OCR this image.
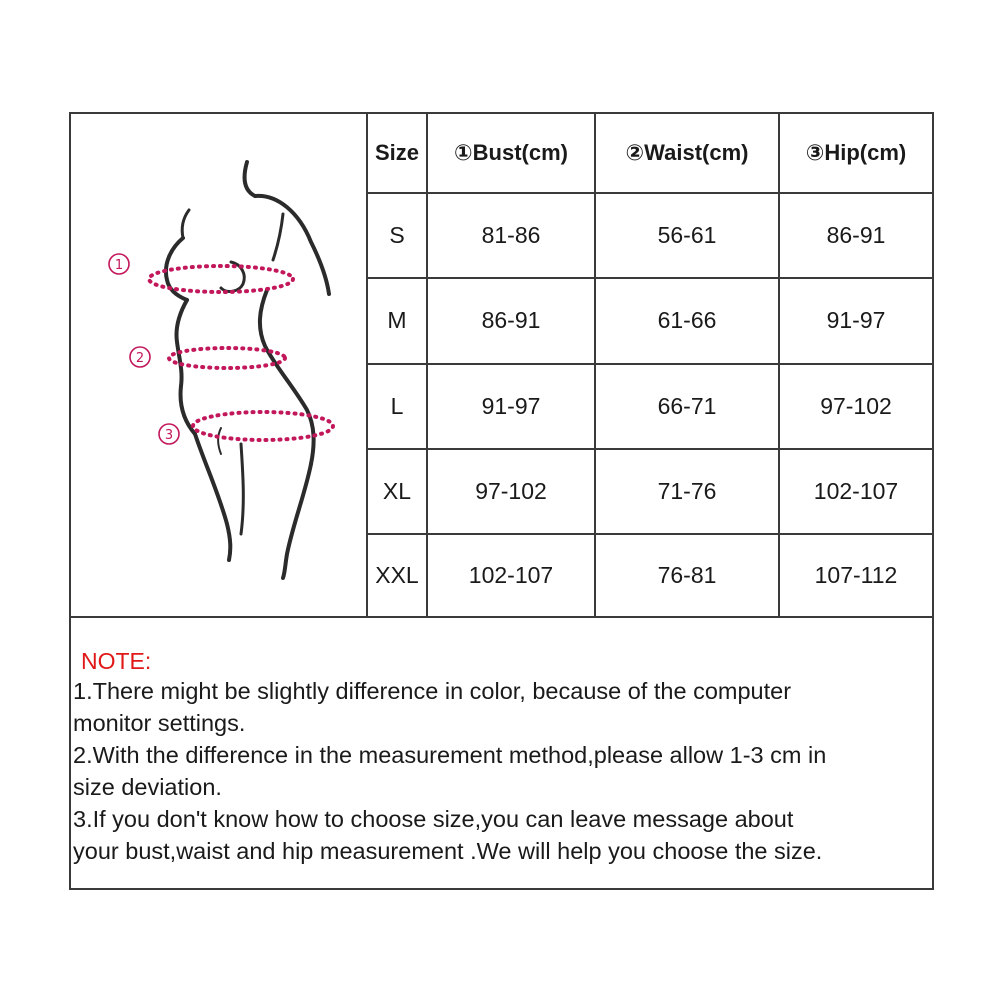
1
2
3
Size	①Bust(cm)	②Waist(cm)	③Hip(cm)
S	81-86	56-61	86-91
M	86-91	61-66	91-97
L	91-97	66-71	97-102
XL	97-102	71-76	102-107
XXL	102-107	76-81	107-112
NOTE:

1.There might be slightly difference in color, because of the computer

monitor settings.

2.With the difference in the measurement method,please allow 1-3 cm in

size deviation.

3.If you don't know how to choose size,you can leave message about

your bust,waist and hip measurement .We will help you choose the size.
